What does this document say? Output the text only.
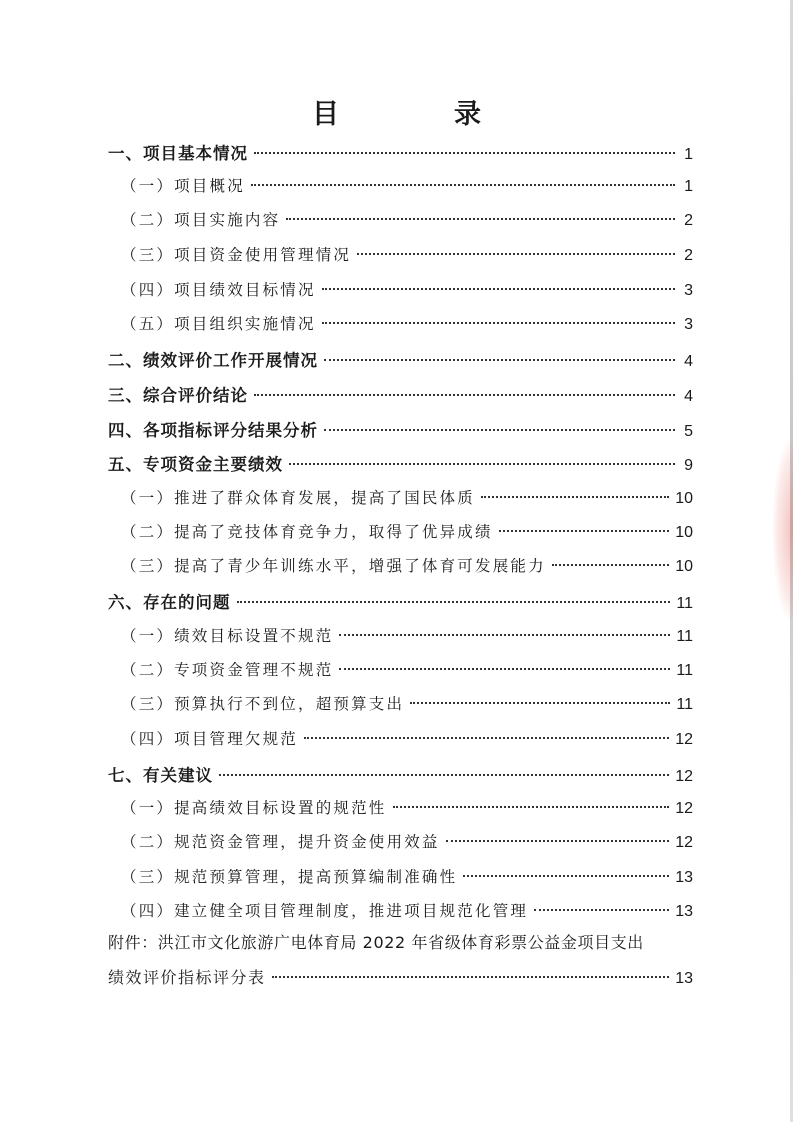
目　录
一、项目基本情况	1
（一）项目概况	1
（二）项目实施内容	2
（三）项目资金使用管理情况	2
（四）项目绩效目标情况	3
（五）项目组织实施情况	3
二、绩效评价工作开展情况	4
三、综合评价结论	4
四、各项指标评分结果分析	5
五、专项资金主要绩效	9
（一）推进了群众体育发展，提高了国民体质	10
（二）提高了竞技体育竞争力，取得了优异成绩	10
（三）提高了青少年训练水平，增强了体育可发展能力	10
六、存在的问题	11
（一）绩效目标设置不规范	11
（二）专项资金管理不规范	11
（三）预算执行不到位，超预算支出	11
（四）项目管理欠规范	12
七、有关建议	12
（一）提高绩效目标设置的规范性	12
（二）规范资金管理，提升资金使用效益	12
（三）规范预算管理，提高预算编制准确性	13
（四）建立健全项目管理制度，推进项目规范化管理	13
附件：洪江市文化旅游广电体育局 2022 年省级体育彩票公益金项目支出
绩效评价指标评分表	13
